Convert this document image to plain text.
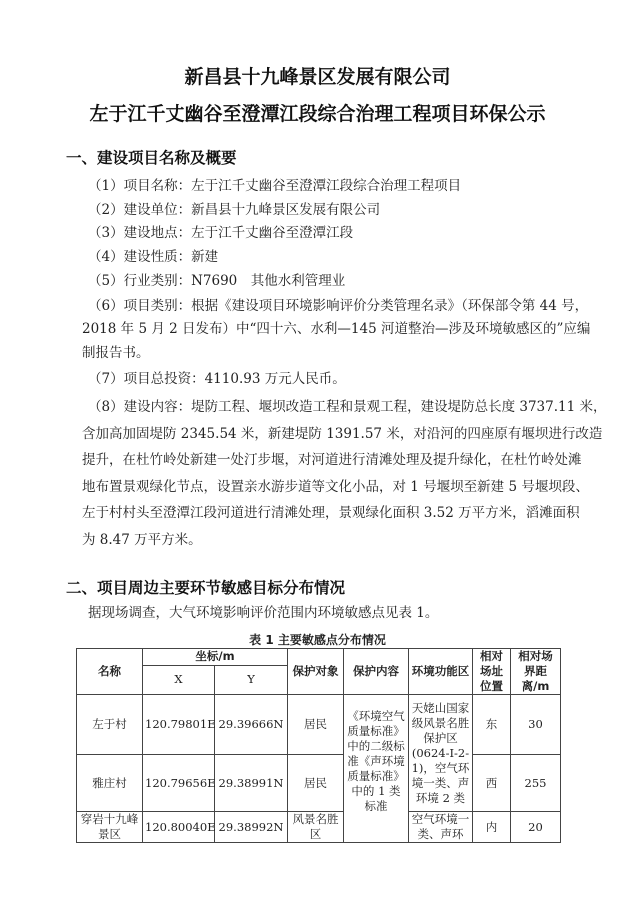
新昌县十九峰景区发展有限公司
左于江千丈幽谷至澄潭江段综合治理工程项目环保公示
一、建设项目名称及概要
（1）项目名称：左于江千丈幽谷至澄潭江段综合治理工程项目
（2）建设单位：新昌县十九峰景区发展有限公司
（3）建设地点：左于江千丈幽谷至澄潭江段
（4）建设性质：新建
（5）行业类别：N7690　其他水利管理业
（6）项目类别：根据《建设项目环境影响评价分类管理名录》（环保部令第 44 号，
2018 年 5 月 2 日发布）中“四十六、水利—145 河道整治—涉及环境敏感区的”应编
制报告书。
（7）项目总投资：4110.93 万元人民币。
（8）建设内容：堤防工程、堰坝改造工程和景观工程，建设堤防总长度 3737.11 米，
含加高加固堤防 2345.54 米，新建堤防 1391.57 米，对沿河的四座原有堰坝进行改造
提升，在杜竹岭处新建一处汀步堰，对河道进行清滩处理及提升绿化，在杜竹岭处滩
地布置景观绿化节点，设置亲水游步道等文化小品，对 1 号堰坝至新建 5 号堰坝段、
左于村村头至澄潭江段河道进行清滩处理，景观绿化面积 3.52 万平方米，滔滩面积
为 8.47 万平方米。
二、项目周边主要环节敏感目标分布情况
据现场调查，大气环境影响评价范围内环境敏感点见表 1。
表 1 主要敏感点分布情况
名称	坐标/m		保护对象	保护内容	环境功能区	相对场址位置	相对场界距离/m
	X	Y					
左于村	120.79801E	29.39666N	居民	《环境空气质量标准》中的二级标准《声环境质量标准》中的 1 类标准	天姥山国家级风景名胜保护区(0624-Ⅰ-2-1)，空气环境一类、声环境 2 类	东	30
雅庄村	120.79656E	29.38991N	居民			西	255
穿岩十九峰景区	120.80040E	29.38992N	风景名胜区		空气环境一类、声环	内	20
